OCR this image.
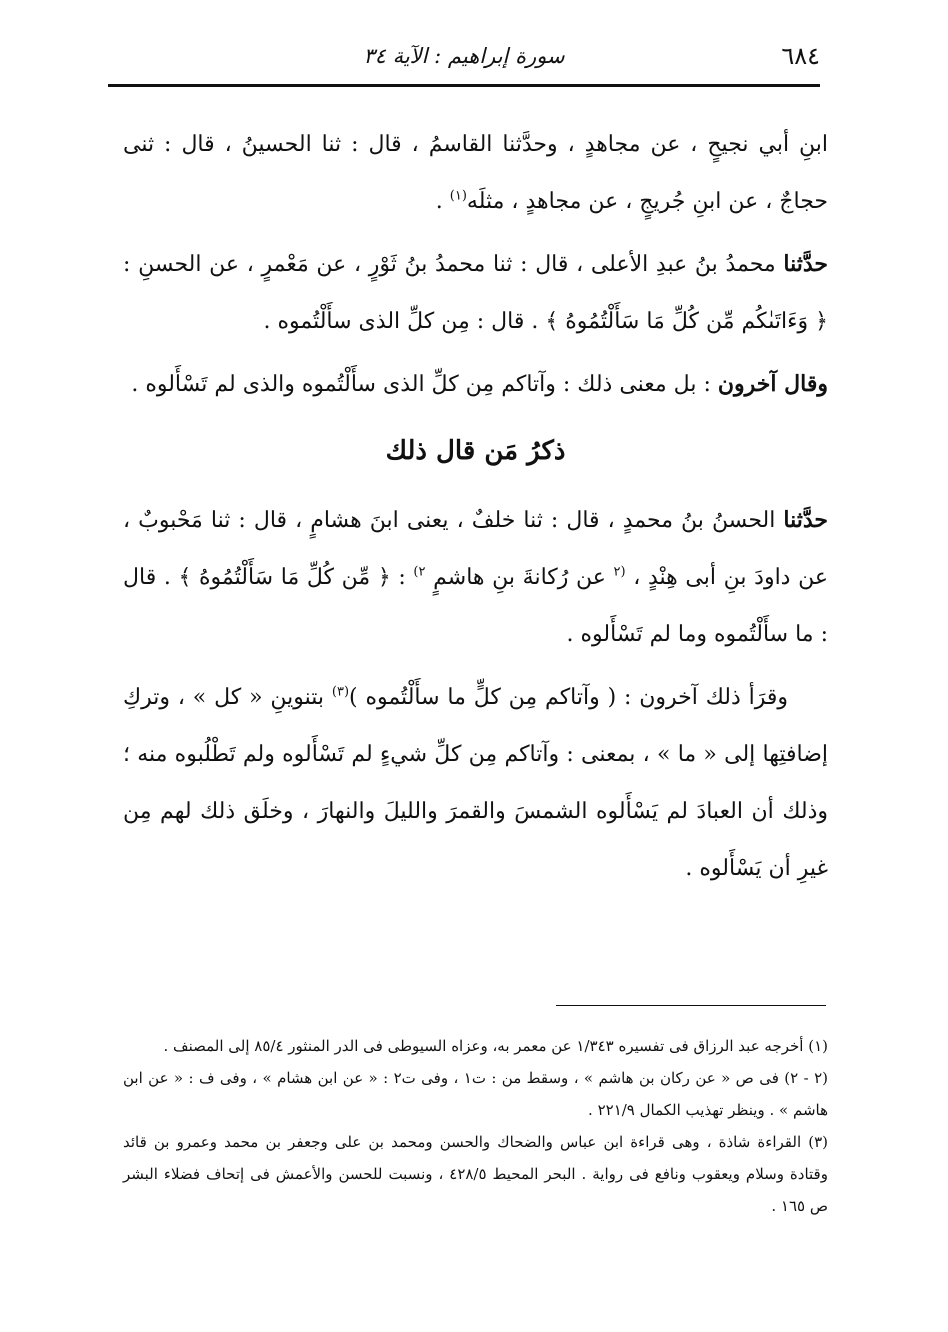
٦٨٤
سورة إبراهيم : الآية ٣٤

ابنِ أبي نجيحٍ ، عن مجاهدٍ ، وحدَّثنا القاسمُ ، قال : ثنا الحسينُ ، قال : ثنى حجاجٌ ، عن ابنِ جُريجٍ ، عن مجاهدٍ ، مثلَه$^{(١)}$ .

حدَّثنا محمدُ بنُ عبدِ الأعلى ، قال : ثنا محمدُ بنُ ثَوْرٍ ، عن مَعْمرٍ ، عن الحسنِ : ﴿ وَءَاتَىٰكُم مِّن كُلِّ مَا سَأَلْتُمُوهُ ﴾ . قال : مِن كلِّ الذى سأَلْتُموه .

وقال آخرون : بل معنى ذلك : وآتاكم مِن كلِّ الذى سأَلْتُموه والذى لم تَسْأَلوه .

ذكرُ مَن قال ذلك

حدَّثنا الحسنُ بنُ محمدٍ ، قال : ثنا خلفٌ ، يعنى ابنَ هشامٍ ، قال : ثنا مَحْبوبٌ ، عن داودَ بنِ أبى هِنْدٍ ، $^{(٢}$ عن رُكانةَ بنِ هاشمٍ $^{٢)}$ : ﴿ مِّن كُلِّ مَا سَأَلْتُمُوهُ ﴾ . قال : ما سأَلْتُموه وما لم تَسْأَلوه .

وقرَأ ذلك آخرون : ( وآتاكم مِن كلٍّ ما سأَلْتُموه )$^{(٣)}$ بتنوينِ « كل » ، وتركِ إضافتِها إلى « ما » ، بمعنى : وآتاكم مِن كلِّ شيءٍ لم تَسْأَلوه ولم تَطْلُبوه منه ؛ وذلك أن العبادَ لم يَسْأَلوه الشمسَ والقمرَ والليلَ والنهارَ ، وخلَق ذلك لهم مِن غيرِ أن يَسْأَلوه .

(١) أخرجه عبد الرزاق فى تفسيره ١/٣٤٣ عن معمر به، وعزاه السيوطى فى الدر المنثور ٨٥/٤ إلى المصنف .

(٢ - ٢) فى ص « عن ركان بن هاشم » ، وسقط من : ت١ ، وفى ت٢ : « عن ابن هشام » ، وفى ف : « عن ابن هاشم » . وينظر تهذيب الكمال ٢٢١/٩ .

(٣) القراءة شاذة ، وهى قراءة ابن عباس والضحاك والحسن ومحمد بن على وجعفر بن محمد وعمرو بن قائد وقتادة وسلام ويعقوب ونافع فى رواية . البحر المحيط ٤٢٨/٥ ، ونسبت للحسن والأعمش فى إتحاف فضلاء البشر ص ١٦٥ .
